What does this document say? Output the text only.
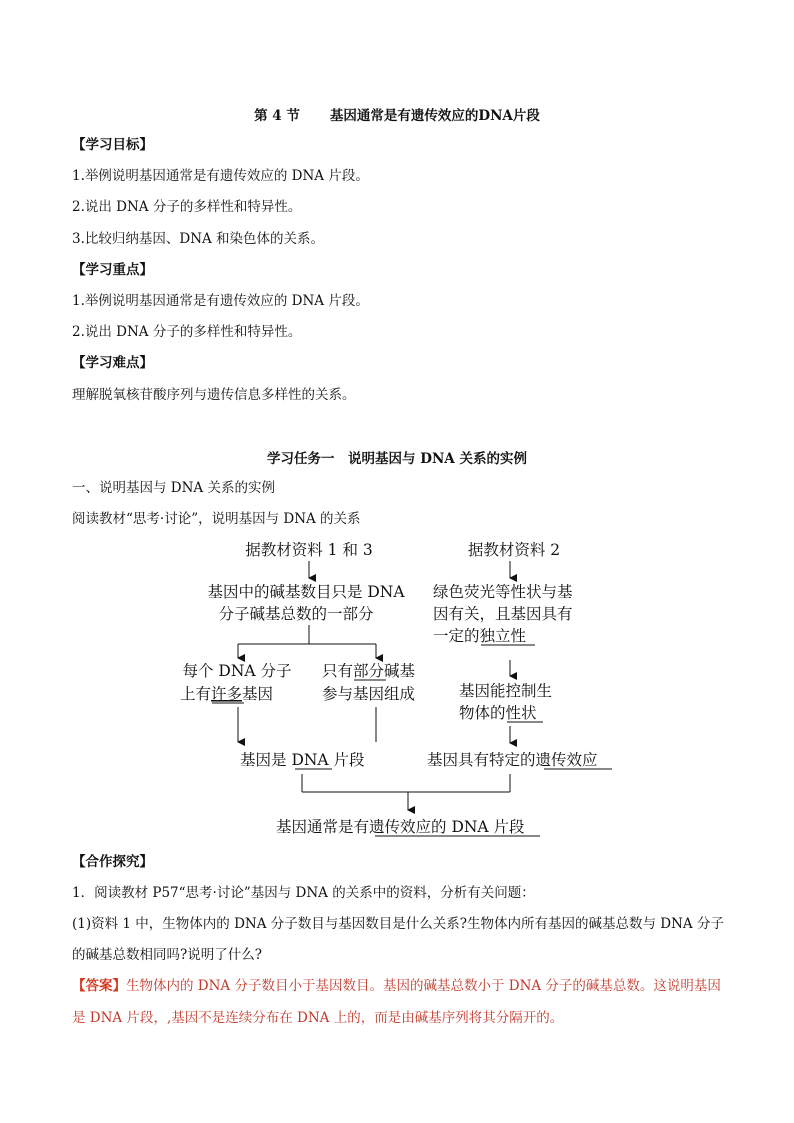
第 4 节 基因通常是有遗传效应的DNA片段
【学习目标】
1.举例说明基因通常是有遗传效应的 DNA 片段。
2.说出 DNA 分子的多样性和特异性。
3.比较归纳基因、DNA 和染色体的关系。
【学习重点】
1.举例说明基因通常是有遗传效应的 DNA 片段。
2.说出 DNA 分子的多样性和特异性。
【学习难点】
理解脱氧核苷酸序列与遗传信息多样性的关系。
学习任务一　说明基因与 DNA 关系的实例
一、说明基因与 DNA 关系的实例
阅读教材“思考·讨论”，说明基因与 DNA 的关系
据教材资料 1 和 3
基因中的碱基数目只是 DNA
分子碱基总数的一部分
每个 DNA 分子
上有许多基因
只有部分碱基
参与基因组成
基因是 DNA 片段
据教材资料 2
绿色荧光等性状与基
因有关，且基因具有
一定的独立性
基因能控制生
物体的性状
基因具有特定的遗传效应
基因通常是有遗传效应的 DNA 片段
【合作探究】
1．阅读教材 P57“思考·讨论”基因与 DNA 的关系中的资料，分析有关问题：
(1)资料 1 中，生物体内的 DNA 分子数目与基因数目是什么关系?生物体内所有基因的碱基总数与 DNA 分子
的碱基总数相同吗?说明了什么?
【答案】生物体内的 DNA 分子数目小于基因数目。基因的碱基总数小于 DNA 分子的碱基总数。这说明基因
是 DNA 片段，,基因不是连续分布在 DNA 上的，而是由碱基序列将其分隔开的。
